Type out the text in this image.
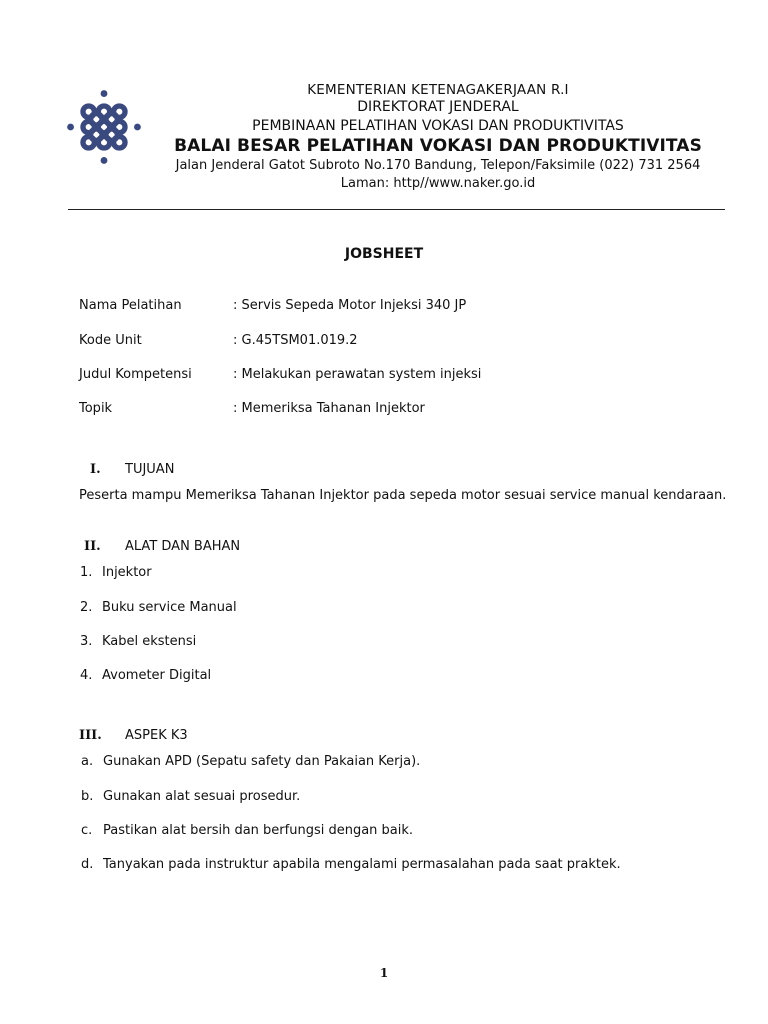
KEMENTERIAN KETENAGAKERJAAN R.I
DIREKTORAT JENDERAL
PEMBINAAN PELATIHAN VOKASI DAN PRODUKTIVITAS
BALAI BESAR PELATIHAN VOKASI DAN PRODUKTIVITAS
Jalan Jenderal Gatot Subroto No.170 Bandung, Telepon/Faksimile (022) 731 2564
Laman: http//www.naker.go.id
JOBSHEET
Nama Pelatihan	: Servis Sepeda Motor Injeksi 340 JP
Kode Unit	: G.45TSM01.019.2
Judul Kompetensi	: Melakukan perawatan system injeksi
Topik	: Memeriksa Tahanan Injektor
I. TUJUAN
Peserta mampu Memeriksa Tahanan Injektor pada sepeda motor sesuai service manual kendaraan.
II. ALAT DAN BAHAN
1. Injektor
2. Buku service Manual
3. Kabel ekstensi
4. Avometer Digital
III. ASPEK K3
a. Gunakan APD (Sepatu safety dan Pakaian Kerja).
b. Gunakan alat sesuai prosedur.
c. Pastikan alat bersih dan berfungsi dengan baik.
d. Tanyakan pada instruktur apabila mengalami permasalahan pada saat praktek.
1
